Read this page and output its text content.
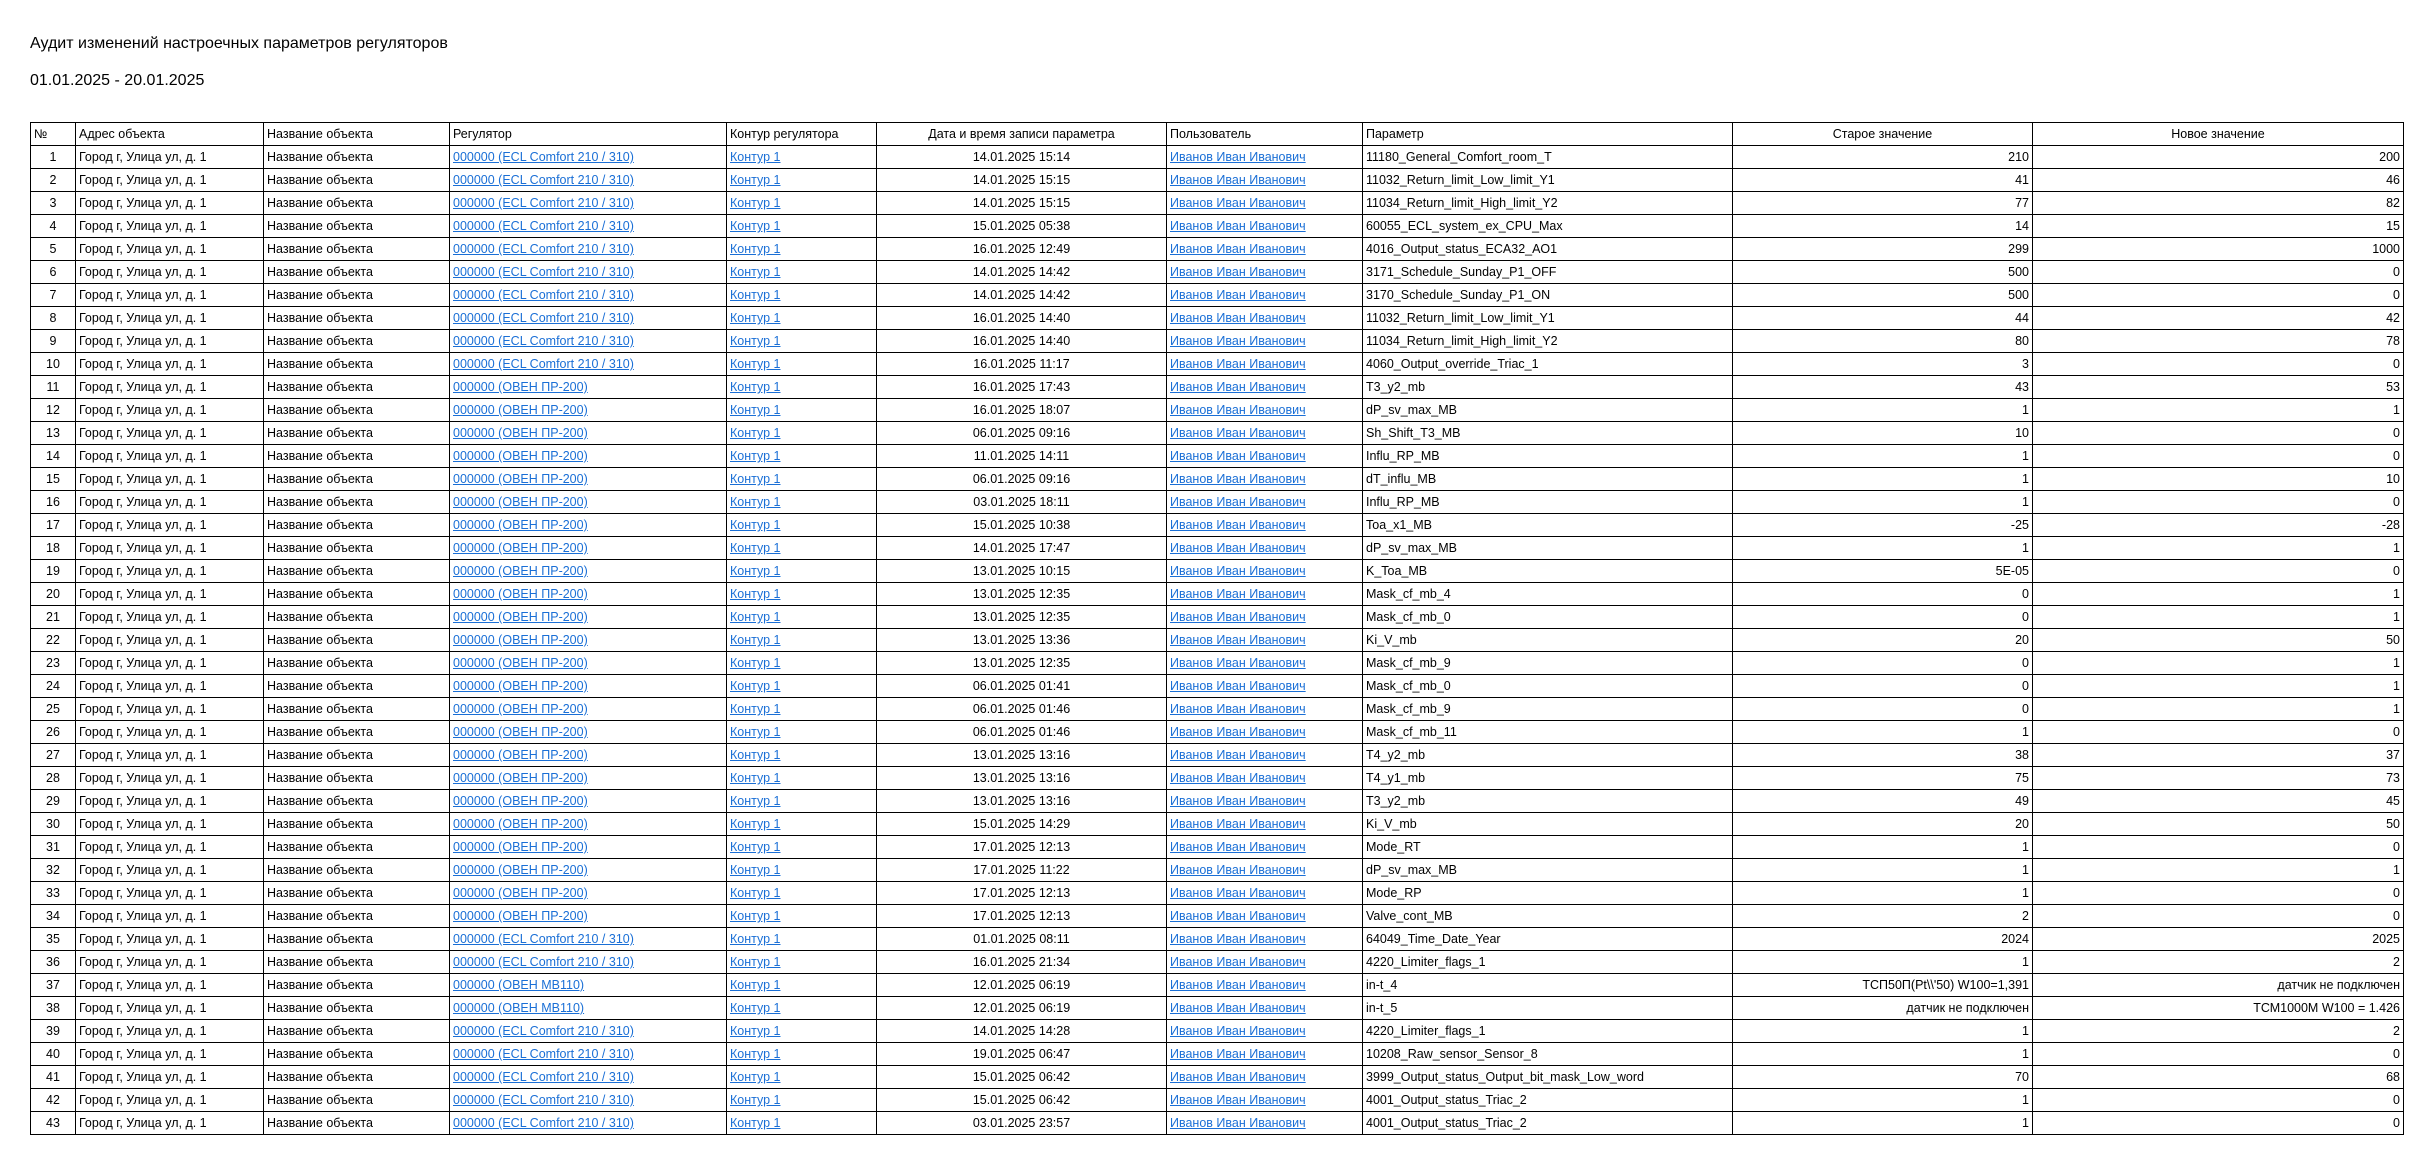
Аудит изменений настроечных параметров регуляторов
01.01.2025 - 20.01.2025
№	Адрес объекта	Название объекта	Регулятор	Контур регулятора	Дата и время записи параметра	Пользователь	Параметр	Старое значение	Новое значение
1	Город г, Улица ул, д. 1	Название объекта	000000 (ECL Comfort 210 / 310)	Контур 1	14.01.2025 15:14	Иванов Иван Иванович	11180_General_Comfort_room_T	210	200
2	Город г, Улица ул, д. 1	Название объекта	000000 (ECL Comfort 210 / 310)	Контур 1	14.01.2025 15:15	Иванов Иван Иванович	11032_Return_limit_Low_limit_Y1	41	46
3	Город г, Улица ул, д. 1	Название объекта	000000 (ECL Comfort 210 / 310)	Контур 1	14.01.2025 15:15	Иванов Иван Иванович	11034_Return_limit_High_limit_Y2	77	82
4	Город г, Улица ул, д. 1	Название объекта	000000 (ECL Comfort 210 / 310)	Контур 1	15.01.2025 05:38	Иванов Иван Иванович	60055_ECL_system_ex_CPU_Max	14	15
5	Город г, Улица ул, д. 1	Название объекта	000000 (ECL Comfort 210 / 310)	Контур 1	16.01.2025 12:49	Иванов Иван Иванович	4016_Output_status_ECA32_AO1	299	1000
6	Город г, Улица ул, д. 1	Название объекта	000000 (ECL Comfort 210 / 310)	Контур 1	14.01.2025 14:42	Иванов Иван Иванович	3171_Schedule_Sunday_P1_OFF	500	0
7	Город г, Улица ул, д. 1	Название объекта	000000 (ECL Comfort 210 / 310)	Контур 1	14.01.2025 14:42	Иванов Иван Иванович	3170_Schedule_Sunday_P1_ON	500	0
8	Город г, Улица ул, д. 1	Название объекта	000000 (ECL Comfort 210 / 310)	Контур 1	16.01.2025 14:40	Иванов Иван Иванович	11032_Return_limit_Low_limit_Y1	44	42
9	Город г, Улица ул, д. 1	Название объекта	000000 (ECL Comfort 210 / 310)	Контур 1	16.01.2025 14:40	Иванов Иван Иванович	11034_Return_limit_High_limit_Y2	80	78
10	Город г, Улица ул, д. 1	Название объекта	000000 (ECL Comfort 210 / 310)	Контур 1	16.01.2025 11:17	Иванов Иван Иванович	4060_Output_override_Triac_1	3	0
11	Город г, Улица ул, д. 1	Название объекта	000000 (ОВЕН ПР-200)	Контур 1	16.01.2025 17:43	Иванов Иван Иванович	T3_y2_mb	43	53
12	Город г, Улица ул, д. 1	Название объекта	000000 (ОВЕН ПР-200)	Контур 1	16.01.2025 18:07	Иванов Иван Иванович	dP_sv_max_MB	1	1
13	Город г, Улица ул, д. 1	Название объекта	000000 (ОВЕН ПР-200)	Контур 1	06.01.2025 09:16	Иванов Иван Иванович	Sh_Shift_T3_MB	10	0
14	Город г, Улица ул, д. 1	Название объекта	000000 (ОВЕН ПР-200)	Контур 1	11.01.2025 14:11	Иванов Иван Иванович	Influ_RP_MB	1	0
15	Город г, Улица ул, д. 1	Название объекта	000000 (ОВЕН ПР-200)	Контур 1	06.01.2025 09:16	Иванов Иван Иванович	dT_influ_MB	1	10
16	Город г, Улица ул, д. 1	Название объекта	000000 (ОВЕН ПР-200)	Контур 1	03.01.2025 18:11	Иванов Иван Иванович	Influ_RP_MB	1	0
17	Город г, Улица ул, д. 1	Название объекта	000000 (ОВЕН ПР-200)	Контур 1	15.01.2025 10:38	Иванов Иван Иванович	Toa_x1_MB	-25	-28
18	Город г, Улица ул, д. 1	Название объекта	000000 (ОВЕН ПР-200)	Контур 1	14.01.2025 17:47	Иванов Иван Иванович	dP_sv_max_MB	1	1
19	Город г, Улица ул, д. 1	Название объекта	000000 (ОВЕН ПР-200)	Контур 1	13.01.2025 10:15	Иванов Иван Иванович	K_Toa_MB	5E-05	0
20	Город г, Улица ул, д. 1	Название объекта	000000 (ОВЕН ПР-200)	Контур 1	13.01.2025 12:35	Иванов Иван Иванович	Mask_cf_mb_4	0	1
21	Город г, Улица ул, д. 1	Название объекта	000000 (ОВЕН ПР-200)	Контур 1	13.01.2025 12:35	Иванов Иван Иванович	Mask_cf_mb_0	0	1
22	Город г, Улица ул, д. 1	Название объекта	000000 (ОВЕН ПР-200)	Контур 1	13.01.2025 13:36	Иванов Иван Иванович	Ki_V_mb	20	50
23	Город г, Улица ул, д. 1	Название объекта	000000 (ОВЕН ПР-200)	Контур 1	13.01.2025 12:35	Иванов Иван Иванович	Mask_cf_mb_9	0	1
24	Город г, Улица ул, д. 1	Название объекта	000000 (ОВЕН ПР-200)	Контур 1	06.01.2025 01:41	Иванов Иван Иванович	Mask_cf_mb_0	0	1
25	Город г, Улица ул, д. 1	Название объекта	000000 (ОВЕН ПР-200)	Контур 1	06.01.2025 01:46	Иванов Иван Иванович	Mask_cf_mb_9	0	1
26	Город г, Улица ул, д. 1	Название объекта	000000 (ОВЕН ПР-200)	Контур 1	06.01.2025 01:46	Иванов Иван Иванович	Mask_cf_mb_11	1	0
27	Город г, Улица ул, д. 1	Название объекта	000000 (ОВЕН ПР-200)	Контур 1	13.01.2025 13:16	Иванов Иван Иванович	T4_y2_mb	38	37
28	Город г, Улица ул, д. 1	Название объекта	000000 (ОВЕН ПР-200)	Контур 1	13.01.2025 13:16	Иванов Иван Иванович	T4_y1_mb	75	73
29	Город г, Улица ул, д. 1	Название объекта	000000 (ОВЕН ПР-200)	Контур 1	13.01.2025 13:16	Иванов Иван Иванович	T3_y2_mb	49	45
30	Город г, Улица ул, д. 1	Название объекта	000000 (ОВЕН ПР-200)	Контур 1	15.01.2025 14:29	Иванов Иван Иванович	Ki_V_mb	20	50
31	Город г, Улица ул, д. 1	Название объекта	000000 (ОВЕН ПР-200)	Контур 1	17.01.2025 12:13	Иванов Иван Иванович	Mode_RT	1	0
32	Город г, Улица ул, д. 1	Название объекта	000000 (ОВЕН ПР-200)	Контур 1	17.01.2025 11:22	Иванов Иван Иванович	dP_sv_max_MB	1	1
33	Город г, Улица ул, д. 1	Название объекта	000000 (ОВЕН ПР-200)	Контур 1	17.01.2025 12:13	Иванов Иван Иванович	Mode_RP	1	0
34	Город г, Улица ул, д. 1	Название объекта	000000 (ОВЕН ПР-200)	Контур 1	17.01.2025 12:13	Иванов Иван Иванович	Valve_cont_MB	2	0
35	Город г, Улица ул, д. 1	Название объекта	000000 (ECL Comfort 210 / 310)	Контур 1	01.01.2025 08:11	Иванов Иван Иванович	64049_Time_Date_Year	2024	2025
36	Город г, Улица ул, д. 1	Название объекта	000000 (ECL Comfort 210 / 310)	Контур 1	16.01.2025 21:34	Иванов Иван Иванович	4220_Limiter_flags_1	1	2
37	Город г, Улица ул, д. 1	Название объекта	000000 (ОВЕН МВ110)	Контур 1	12.01.2025 06:19	Иванов Иван Иванович	in-t_4	ТСП50П(Pt\\'50) W100=1,391	датчик не подключен
38	Город г, Улица ул, д. 1	Название объекта	000000 (ОВЕН МВ110)	Контур 1	12.01.2025 06:19	Иванов Иван Иванович	in-t_5	датчик не подключен	ТСМ1000М W100 = 1.426
39	Город г, Улица ул, д. 1	Название объекта	000000 (ECL Comfort 210 / 310)	Контур 1	14.01.2025 14:28	Иванов Иван Иванович	4220_Limiter_flags_1	1	2
40	Город г, Улица ул, д. 1	Название объекта	000000 (ECL Comfort 210 / 310)	Контур 1	19.01.2025 06:47	Иванов Иван Иванович	10208_Raw_sensor_Sensor_8	1	0
41	Город г, Улица ул, д. 1	Название объекта	000000 (ECL Comfort 210 / 310)	Контур 1	15.01.2025 06:42	Иванов Иван Иванович	3999_Output_status_Output_bit_mask_Low_word	70	68
42	Город г, Улица ул, д. 1	Название объекта	000000 (ECL Comfort 210 / 310)	Контур 1	15.01.2025 06:42	Иванов Иван Иванович	4001_Output_status_Triac_2	1	0
43	Город г, Улица ул, д. 1	Название объекта	000000 (ECL Comfort 210 / 310)	Контур 1	03.01.2025 23:57	Иванов Иван Иванович	4001_Output_status_Triac_2	1	0
